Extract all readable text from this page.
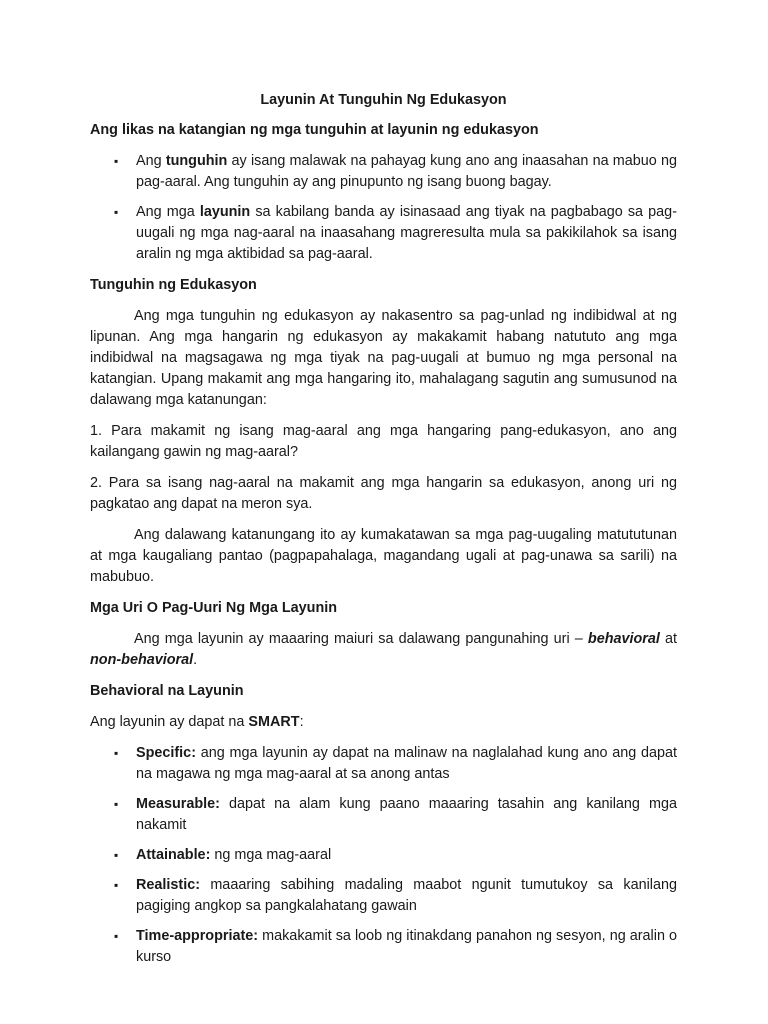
Layunin At Tunguhin Ng Edukasyon
Ang likas na katangian ng mga tunguhin at layunin ng edukasyon
▪
Ang tunguhin ay isang malawak na pahayag kung ano ang inaasahan na mabuo ng pag-aaral. Ang tunguhin ay ang pinupunto ng isang buong bagay.
▪
Ang mga layunin sa kabilang banda ay isinasaad ang tiyak na pagbabago sa pag-uugali ng mga nag-aaral na inaasahang magreresulta mula sa pakikilahok sa isang aralin ng mga aktibidad sa pag-aaral.
Tunguhin ng Edukasyon

Ang mga tunguhin ng edukasyon ay nakasentro sa pag-unlad ng indibidwal at ng lipunan. Ang mga hangarin ng edukasyon ay makakamit habang natututo ang mga indibidwal na magsagawa ng mga tiyak na pag-uugali at bumuo ng mga personal na katangian. Upang makamit ang mga hangaring ito, mahalagang sagutin ang sumusunod na dalawang mga katanungan:

1. Para makamit ng isang mag-aaral ang mga hangaring pang-edukasyon, ano ang kailangang gawin ng mag-aaral?

2. Para sa isang nag-aaral na makamit ang mga hangarin sa edukasyon, anong uri ng pagkatao ang dapat na meron sya.

Ang dalawang katanungang ito ay kumakatawan sa mga pag-uugaling matututunan at mga kaugaliang pantao (pagpapahalaga, magandang ugali at pag-unawa sa sarili) na mabubuo.

Mga Uri O Pag-Uuri Ng Mga Layunin

Ang mga layunin ay maaaring maiuri sa dalawang pangunahing uri – behavioral at non-behavioral.

Behavioral na Layunin

Ang layunin ay dapat na SMART:

▪
Specific: ang mga layunin ay dapat na malinaw na naglalahad kung ano ang dapat na magawa ng mga mag-aaral at sa anong antas
▪
Measurable: dapat na alam kung paano maaaring tasahin ang kanilang mga nakamit
▪
Attainable: ng mga mag-aaral
▪
Realistic: maaaring sabihing madaling maabot ngunit tumutukoy sa kanilang pagiging angkop sa pangkalahatang gawain
▪
Time-appropriate: makakamit sa loob ng itinakdang panahon ng sesyon, ng aralin o kurso
